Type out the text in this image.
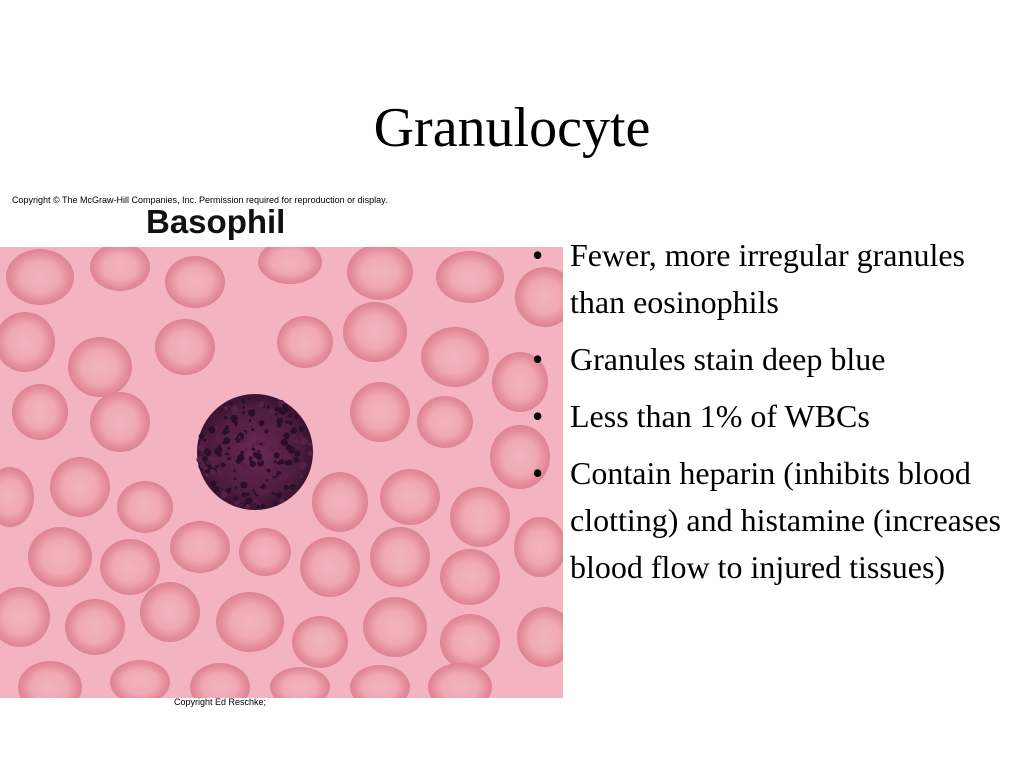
Granulocyte
Copyright © The McGraw-Hill Companies, Inc. Permission required for reproduction or display.
Basophil
Copyright Ed Reschke;
• Fewer, more irregular granules than eosinophils
• Granules stain deep blue
• Less than 1% of WBCs
• Contain heparin (inhibits blood clotting) and histamine (increases blood flow to injured tissues)
